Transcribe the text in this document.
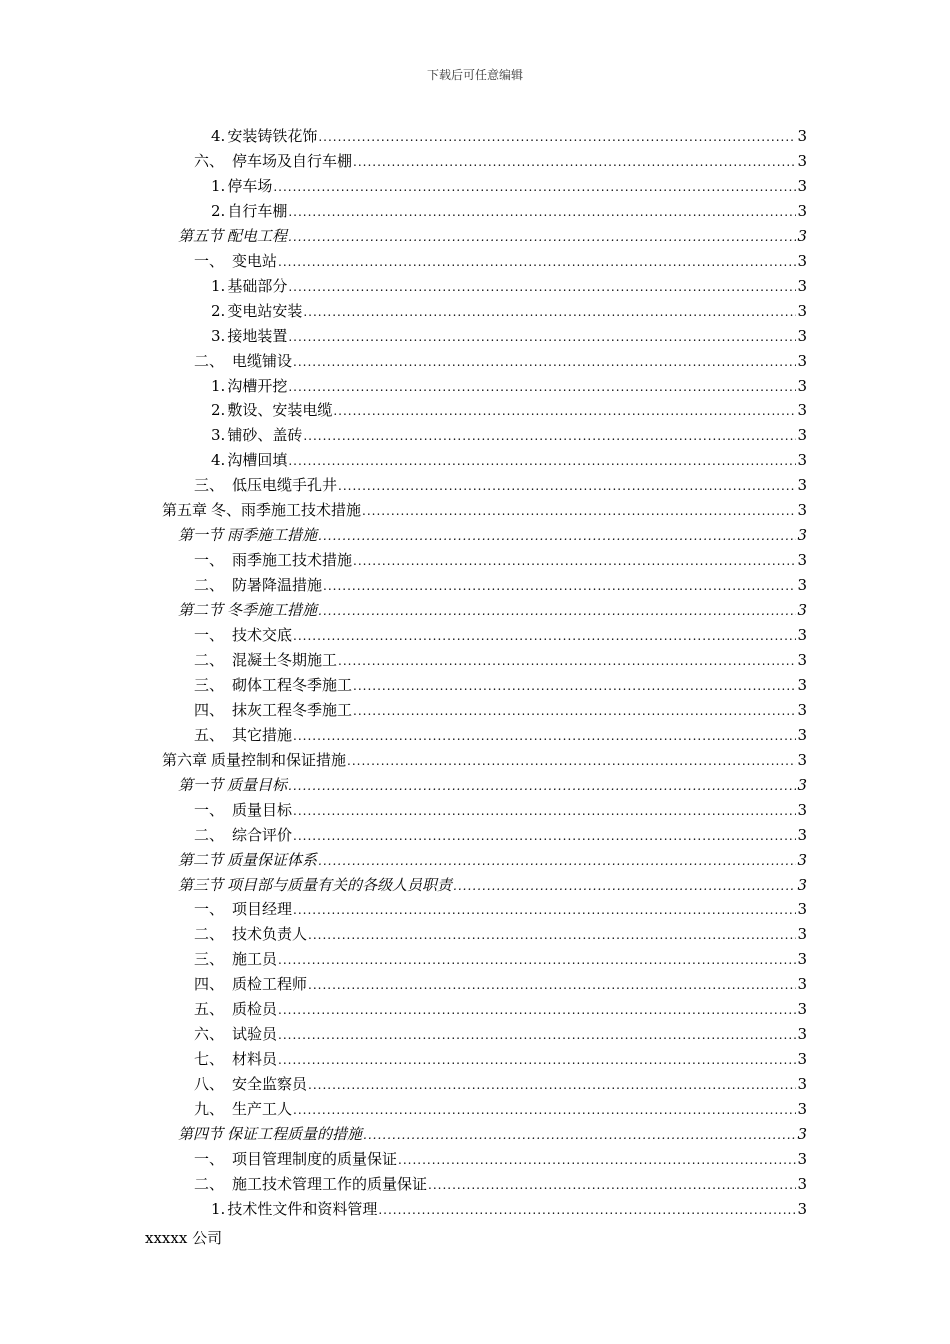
下载后可任意编辑
4. 安装铸铁花饰 .....	3
六、 停车场及自行车棚 .....	3
1. 停车场 .....	3
2. 自行车棚 .....	3
第五节 配电工程 .....	3
一、 变电站 .....	3
1. 基础部分 .....	3
2. 变电站安装 .....	3
3. 接地装置 .....	3
二、 电缆铺设 .....	3
1. 沟槽开挖 .....	3
2. 敷设、安装电缆 .....	3
3. 铺砂、盖砖 .....	3
4. 沟槽回填 .....	3
三、 低压电缆手孔井 .....	3
第五章 冬、雨季施工技术措施 .....	3
第一节 雨季施工措施 .....	3
一、 雨季施工技术措施 .....	3
二、 防暑降温措施 .....	3
第二节 冬季施工措施 .....	3
一、 技术交底 .....	3
二、 混凝土冬期施工 .....	3
三、 砌体工程冬季施工 .....	3
四、 抹灰工程冬季施工 .....	3
五、 其它措施 .....	3
第六章 质量控制和保证措施 .....	3
第一节 质量目标 .....	3
一、 质量目标 .....	3
二、 综合评价 .....	3
第二节 质量保证体系 .....	3
第三节 项目部与质量有关的各级人员职责 .....	3
一、 项目经理 .....	3
二、 技术负责人 .....	3
三、 施工员 .....	3
四、 质检工程师 .....	3
五、 质检员 .....	3
六、 试验员 .....	3
七、 材料员 .....	3
八、 安全监察员 .....	3
九、 生产工人 .....	3
第四节 保证工程质量的措施 .....	3
一、 项目管理制度的质量保证 .....	3
二、 施工技术管理工作的质量保证 .....	3
1. 技术性文件和资料管理 .....	3
xxxxx 公司
